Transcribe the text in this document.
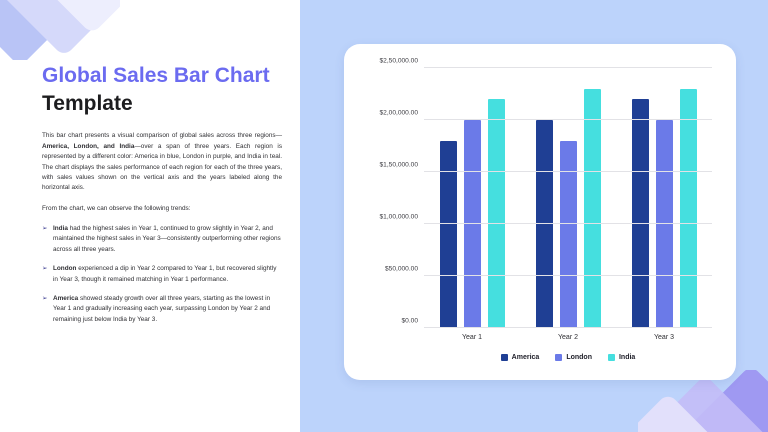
Global Sales Bar Chart Template

This bar chart presents a visual comparison of global sales across three regions—America, London, and India—over a span of three years. Each region is represented by a different color: America in blue, London in purple, and India in teal. The chart displays the sales performance of each region for each of the three years, with sales values shown on the vertical axis and the years labeled along the horizontal axis.

From the chart, we can observe the following trends:

➢ India had the highest sales in Year 1, continued to grow slightly in Year 2, and maintained the highest sales in Year 3—consistently outperforming other regions across all three years.
➢ London experienced a dip in Year 2 compared to Year 1, but recovered slightly in Year 3, though it remained matching in Year 1 performance.
➢ America showed steady growth over all three years, starting as the lowest in Year 1 and gradually increasing each year, surpassing London by Year 2 and remaining just below India by Year 3.	$0.00
$50,000.00
$1,00,000.00
$1,50,000.00
$2,00,000.00
$2,50,000.00
Year 1	Year 2	Year 3
America	London	India
